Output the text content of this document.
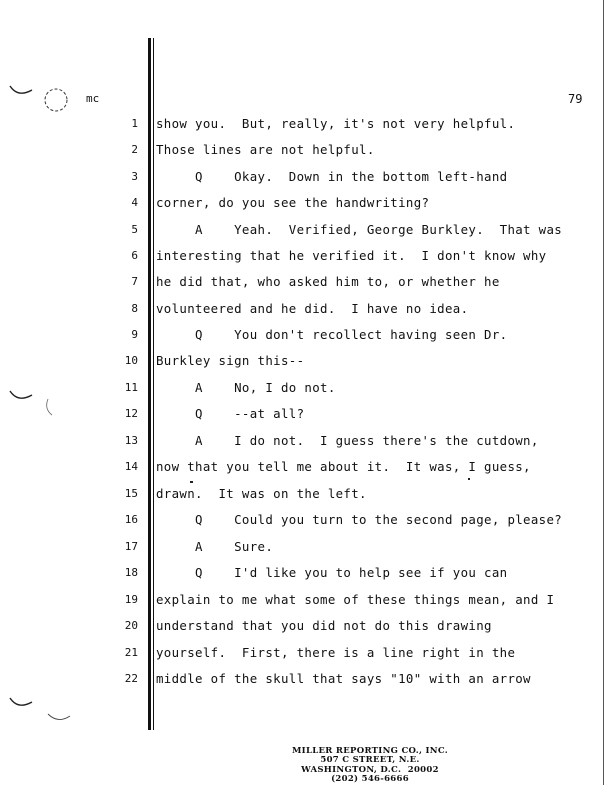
mc	79
1
2
3
4
5
6
7
8
9
10
11
12
13
14
15
16
17
18
19
20
21
22
show you.  But, really, it's not very helpful.
Those lines are not helpful.
Q    Okay.  Down in the bottom left-hand
corner, do you see the handwriting?
A    Yeah.  Verified, George Burkley.  That was
interesting that he verified it.  I don't know why
he did that, who asked him to, or whether he
volunteered and he did.  I have no idea.
Q    You don't recollect having seen Dr.
Burkley sign this--
A    No, I do not.
Q    --at all?
A    I do not.  I guess there's the cutdown,
now that you tell me about it.  It was, I guess,
drawn.  It was on the left.
Q    Could you turn to the second page, please?
A    Sure.
Q    I'd like you to help see if you can
explain to me what some of these things mean, and I
understand that you did not do this drawing
yourself.  First, there is a line right in the
middle of the skull that says "10" with an arrow
MILLER REPORTING CO., INC.
507 C STREET, N.E.
WASHINGTON, D.C.  20002
(202) 546-6666
